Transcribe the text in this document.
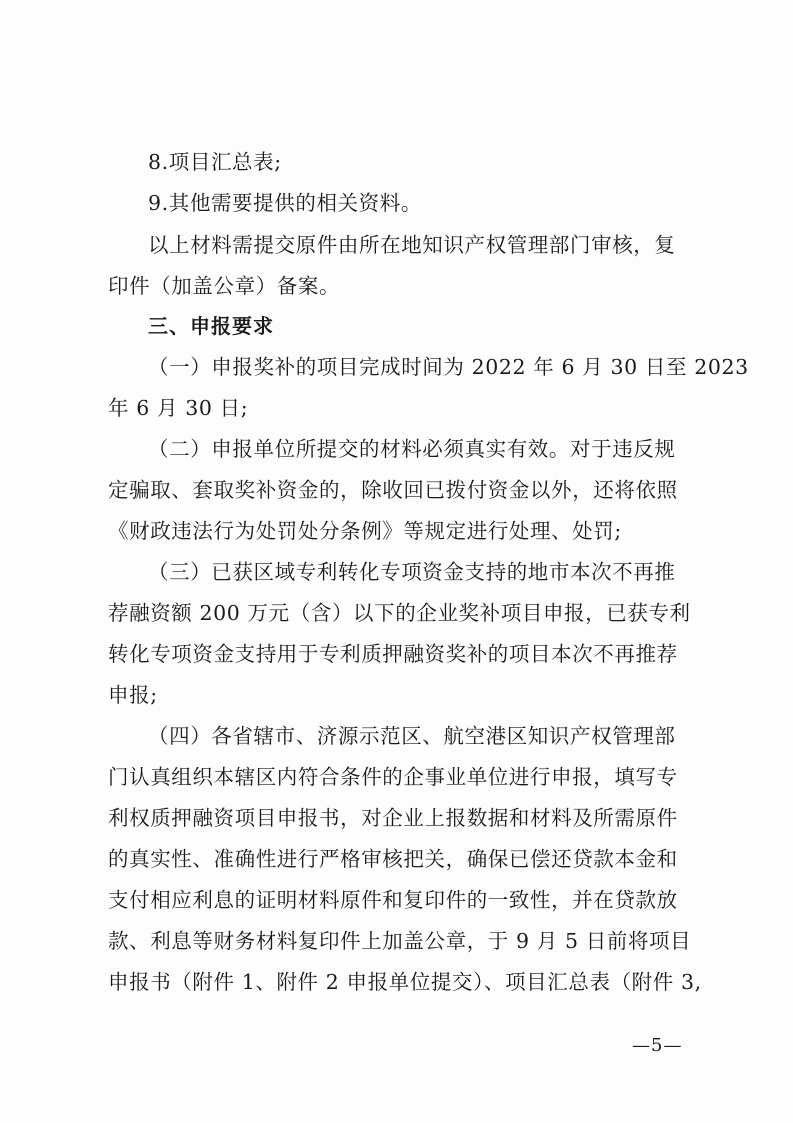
8.项目汇总表;
9.其他需要提供的相关资料。
以上材料需提交原件由所在地知识产权管理部门审核，复
印件（加盖公章）备案。
三、申报要求
（一）申报奖补的项目完成时间为 2022 年 6 月 30 日至 2023
年 6 月 30 日;
（二）申报单位所提交的材料必须真实有效。对于违反规
定骗取、套取奖补资金的，除收回已拨付资金以外，还将依照
《财政违法行为处罚处分条例》等规定进行处理、处罚;
（三）已获区域专利转化专项资金支持的地市本次不再推
荐融资额 200 万元（含）以下的企业奖补项目申报，已获专利
转化专项资金支持用于专利质押融资奖补的项目本次不再推荐
申报;
（四）各省辖市、济源示范区、航空港区知识产权管理部
门认真组织本辖区内符合条件的企事业单位进行申报，填写专
利权质押融资项目申报书，对企业上报数据和材料及所需原件
的真实性、准确性进行严格审核把关，确保已偿还贷款本金和
支付相应利息的证明材料原件和复印件的一致性，并在贷款放
款、利息等财务材料复印件上加盖公章，于 9 月 5 日前将项目
申报书（附件 1、附件 2 申报单位提交）、项目汇总表（附件 3,
—5—
